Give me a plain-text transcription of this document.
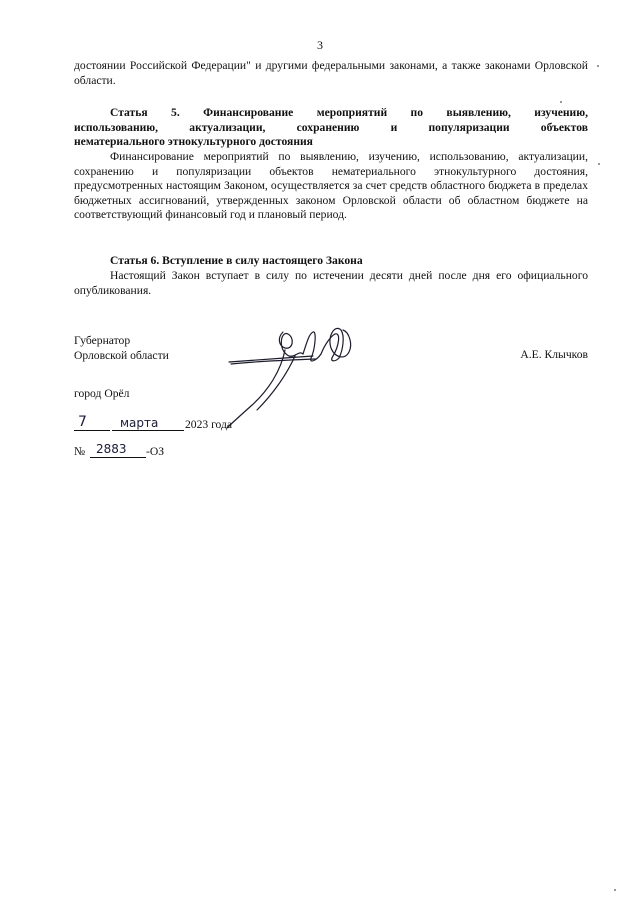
3
достоянии Российской Федерации" и другими федеральными законами, а также законами Орловской области.
Статья 5. Финансирование мероприятий по выявлению, изучению,
использованию, актуализации, сохранению и популяризации объектов
нематериального этнокультурного достояния
Финансирование мероприятий по выявлению, изучению, использованию, актуализации, сохранению и популяризации объектов нематериального этнокультурного достояния, предусмотренных настоящим Законом, осуществляется за счет средств областного бюджета в пределах бюджетных ассигнований, утвержденных законом Орловской области об областном бюджете на соответствующий финансовый год и плановый период.
Статья 6. Вступление в силу настоящего Закона
Настоящий Закон вступает в силу по истечении десяти дней после дня его официального опубликования.
Губернатор
Орловской области	А.Е. Клычков
город Орёл
7	марта 2023 года
№ 2883 -ОЗ
